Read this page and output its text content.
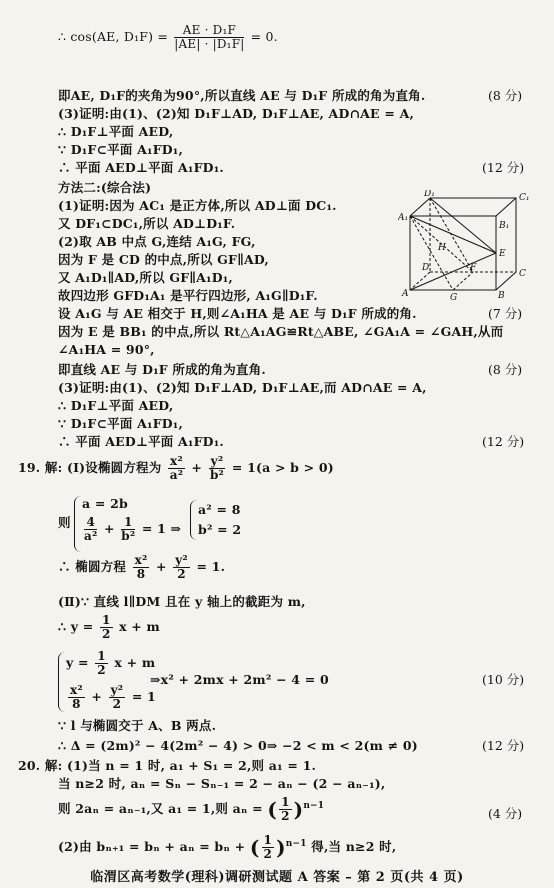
∴ cos(AE, $D_1F) = \frac{\text{AE · D₁F}}{\text{|AE| · |D₁F|}} = 0$.
即AE, D₁F的夹角为90°,所以直线 AE 与 D₁F 所成的角为直角.	(8 分)
(3)证明:由(1)、(2)知 D₁F⊥AD, D₁F⊥AE, AD∩AE = A,
∴ D₁F⊥平面 AED,
∵ D₁F⊂平面 A₁FD₁,
∴ 平面 AED⊥平面 A₁FD₁.	(12 分)
方法二:(综合法)
(1)证明:因为 AC₁ 是正方体,所以 AD⊥面 DC₁.
又 DF₁⊂DC₁,所以 AD⊥D₁F.
(2)取 AB 中点 G,连结 A₁G, FG,
因为 F 是 CD 的中点,所以 GF∥AD,
又 A₁D₁∥AD,所以 GF∥A₁D₁,
故四边形 GFD₁A₁ 是平行四边形, A₁G∥D₁F.
设 A₁G 与 AE 相交于 H,则∠A₁HA 是 AE 与 D₁F 所成的角.	(7 分)
因为 E 是 BB₁ 的中点,所以 Rt△A₁AG≌Rt△ABE, ∠GA₁A = ∠GAH,从而
∠A₁HA = 90°,
即直线 AE 与 D₁F 所成的角为直角.	(8 分)
(3)证明:由(1)、(2)知 D₁F⊥AD, D₁F⊥AE,而 AD∩AE = A,
∴ D₁F⊥平面 AED,
∵ D₁F⊂平面 A₁FD₁,
∴ 平面 AED⊥平面 A₁FD₁.	(12 分)
19. 解: (Ⅰ)设椭圆方程为 $\frac{\text{x²}}{\text{a²}} + \frac{\text{y²}}{\text{b²}} = 1(a > b > 0)$
则
a = 2b
$\frac{4}{\text{a²}} + \frac{1}{\text{b²}} = 1$ ⇒
a² = 8
b² = 2
∴ 椭圆方程 $\frac{\text{x²}}{8} + \frac{\text{y²}}{2} = 1$.
(Ⅱ)∵ 直线 l∥DM 且在 y 轴上的截距为 m,
∴ $y = \frac{1}{2}$ x + m
$y = \frac{1}{2}$ x + m
$\frac{\text{x²}}{8} + \frac{\text{y²}}{2} = 1$
⇒x² + 2mx + 2m² − 4 = 0	(10 分)
∵ l 与椭圆交于 A、B 两点.
∴ Δ = (2m)² − 4(2m² − 4) > 0⇒ −2 < m < 2(m ≠ 0)	(12 分)
20. 解: (1)当 n = 1 时, a₁ + S₁ = 2,则 a₁ = 1.
当 n≥2 时, aₙ = Sₙ − Sₙ₋₁ = 2 − aₙ − (2 − aₙ₋₁),
则 2aₙ = aₙ₋₁,又 a₁ = 1,则 aₙ = ( $\frac{1}{2} )^{n-1}$
(4 分)
(2)由 bₙ₊₁ = bₙ + aₙ = bₙ + ( $\frac{1}{2} )^{n-1}$ 得,当 n≥2 时,
临渭区高考数学(理科)调研测试题 A 答案 – 第 2 页(共 4 页)
D₁	C₁
A₁
B₁
D
C
A	B
E
F
G
H
